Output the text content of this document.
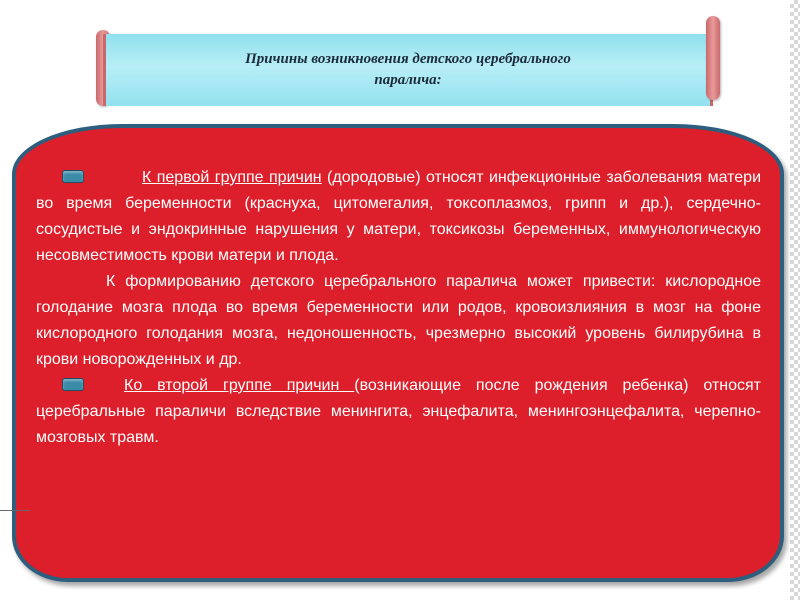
Причины возникновения детского церебрального паралича:

К первой группе причин (дородовые) относят инфекционные заболевания матери во время беременности (краснуха, цитомегалия, токсоплазмоз, грипп и др.), сердечно-сосудистые и эндокринные нарушения у матери, токсикозы беременных, иммунологическую несовместимость крови матери и плода.

К формированию детского церебрального паралича может привести: кислородное голодание мозга плода во время беременности или родов, кровоизлияния в мозг на фоне кислородного голодания мозга, недоношенность, чрезмерно высокий уровень билирубина в крови новорожденных и др.

Ко второй группе причин (возникающие после рождения ребенка) относят церебральные параличи вследствие менингита, энцефалита, менингоэнцефалита, черепно-мозговых травм.
